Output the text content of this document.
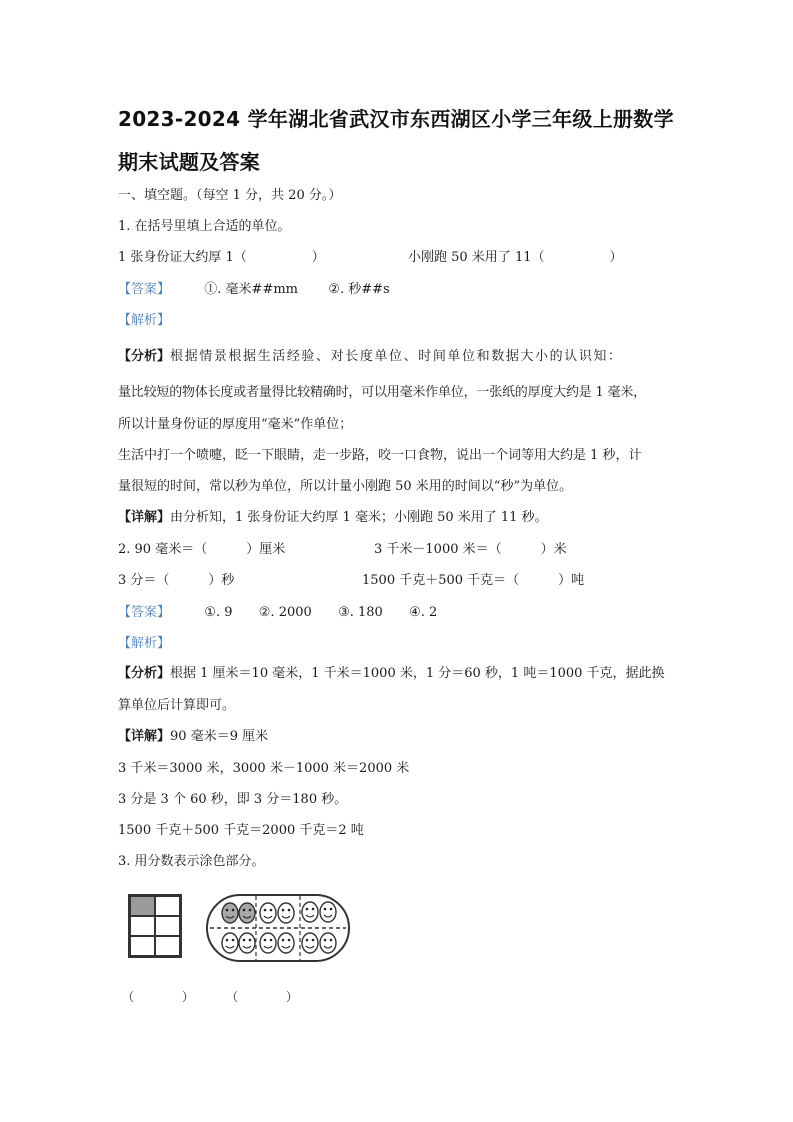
2023-2024 学年湖北省武汉市东西湖区小学三年级上册数学
期末试题及答案
一、填空题。（每空 1 分，共 20 分。）
1. 在括号里填上合适的单位。
1 张身份证大约厚 1（　　　　　）	小刚跑 50 米用了 11（　　　　　）
【答案】	①. 毫米##mm ②. 秒##s
【解析】
【分析】根据情景根据生活经验、对长度单位、时间单位和数据大小的认识知：
量比较短的物体长度或者量得比较精确时，可以用毫米作单位，一张纸的厚度大约是 1 毫米，
所以计量身份证的厚度用“毫米”作单位；
生活中打一个喷嚏，眨一下眼睛，走一步路，咬一口食物，说出一个词等用大约是 1 秒，计
量很短的时间，常以秒为单位，所以计量小刚跑 50 米用的时间以“秒”为单位。
【详解】由分析知，1 张身份证大约厚 1 毫米；小刚跑 50 米用了 11 秒。
2. 90 毫米＝（　　　）厘米	3 千米－1000 米＝（　　　）米
3 分＝（　　　）秒	1500 千克＋500 千克＝（　　　）吨
【答案】	①. 9 ②. 2000 ③. 180 ④. 2
【解析】
【分析】根据 1 厘米＝10 毫米，1 千米＝1000 米，1 分＝60 秒，1 吨＝1000 千克，据此换
算单位后计算即可。
【详解】90 毫米＝9 厘米
3 千米＝3000 米，3000 米－1000 米＝2000 米
3 分是 3 个 60 秒，即 3 分＝180 秒。
1500 千克＋500 千克＝2000 千克＝2 吨
3. 用分数表示涂色部分。
（　　　　）	（　　　　）
